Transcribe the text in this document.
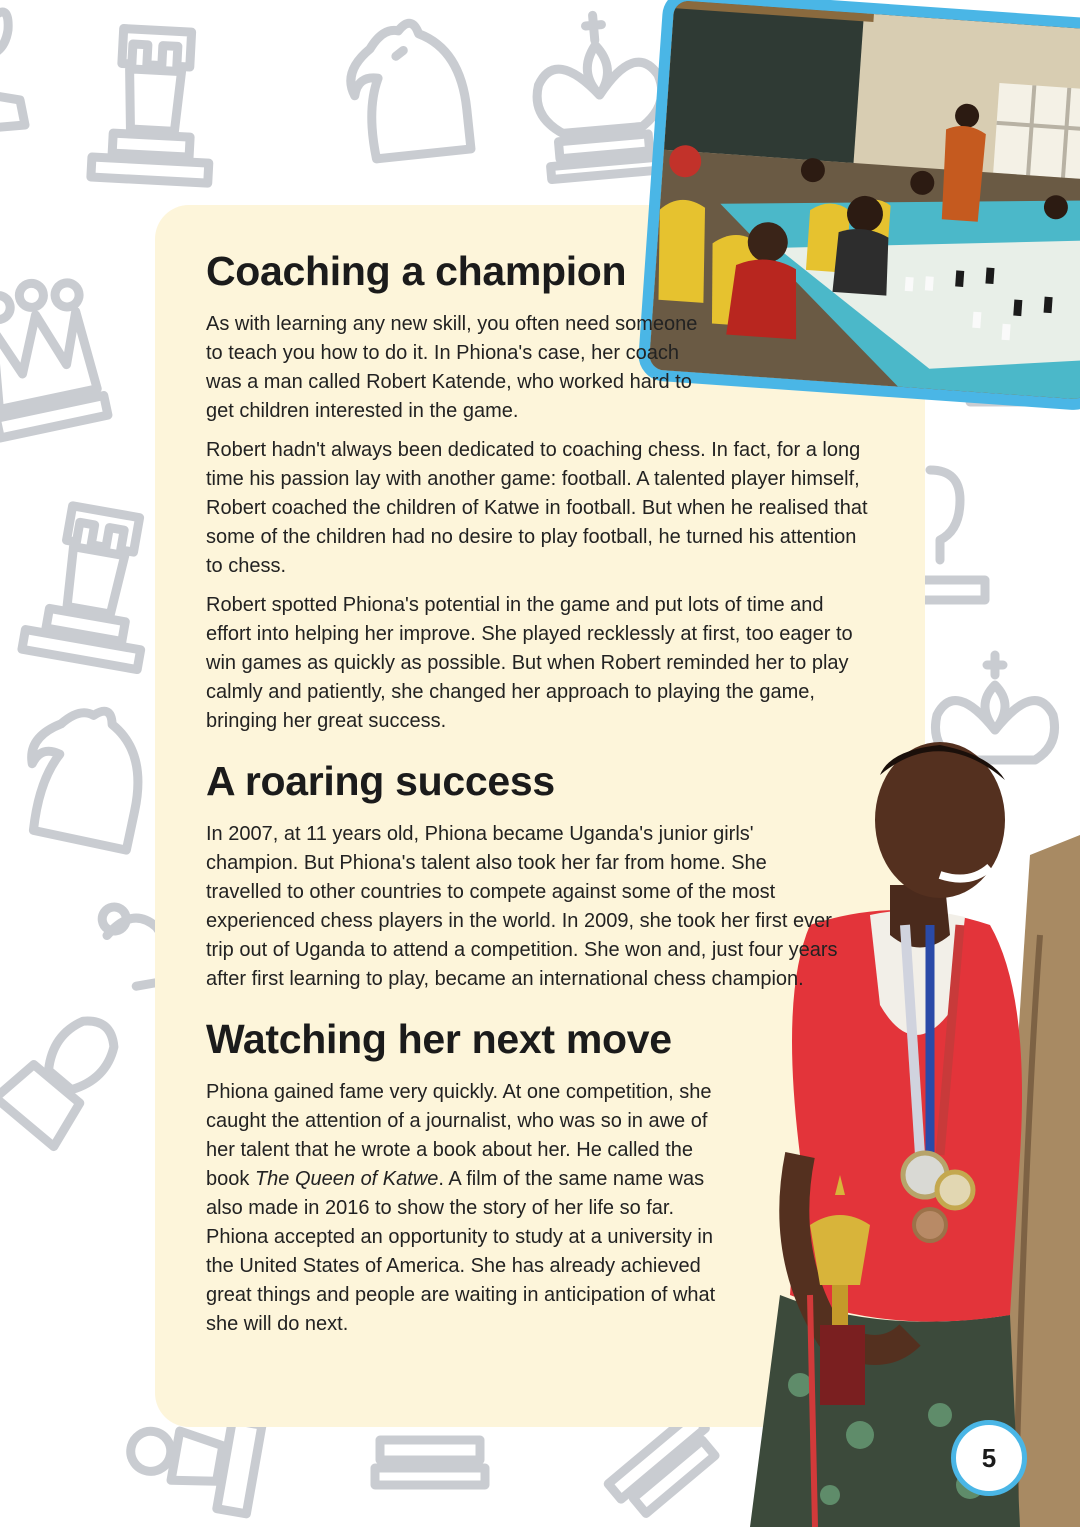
Coaching a champion

As with learning any new skill, you often need someone to teach you how to do it. In Phiona's case, her coach was a man called Robert Katende, who worked hard to get children interested in the game.

Robert hadn't always been dedicated to coaching chess. In fact, for a long time his passion lay with another game: football. A talented player himself, Robert coached the children of Katwe in football. But when he realised that some of the children had no desire to play football, he turned his attention to chess.

Robert spotted Phiona's potential in the game and put lots of time and effort into helping her improve. She played recklessly at first, too eager to win games as quickly as possible. But when Robert reminded her to play calmly and patiently, she changed her approach to playing the game, bringing her great success.

A roaring success

In 2007, at 11 years old, Phiona became Uganda's junior girls' champion. But Phiona's talent also took her far from home. She travelled to other countries to compete against some of the most experienced chess players in the world. In 2009, she took her first ever trip out of Uganda to attend a competition. She won and, just four years after first learning to play, became an international chess champion.

Watching her next move

Phiona gained fame very quickly. At one competition, she caught the attention of a journalist, who was so in awe of her talent that he wrote a book about her. He called the book The Queen of Katwe. A film of the same name was also made in 2016 to show the story of her life so far. Phiona accepted an opportunity to study at a university in the United States of America. She has already achieved great things and people are waiting in anticipation of what she will do next.

5
